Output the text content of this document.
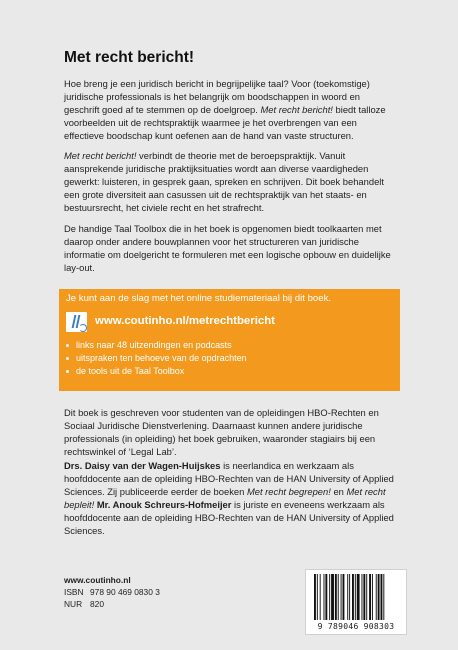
Met recht bericht!

Hoe breng je een juridisch bericht in begrijpelijke taal? Voor (toekomstige) juridische professionals is het belangrijk om boodschappen in woord en geschrift goed af te stemmen op de doelgroep. Met recht bericht! biedt talloze voorbeelden uit de rechtspraktijk waarmee je het overbrengen van een effectieve boodschap kunt oefenen aan de hand van vaste structuren.

Met recht bericht! verbindt de theorie met de beroepspraktijk. Vanuit aansprekende juridische praktijksituaties wordt aan diverse vaardigheden gewerkt: luisteren, in gesprek gaan, spreken en schrijven. Dit boek behandelt een grote diversiteit aan casussen uit de rechtspraktijk van het staats- en bestuursrecht, het civiele recht en het strafrecht.

De handige Taal Toolbox die in het boek is opgenomen biedt toolkaarten met daarop onder andere bouwplannen voor het structureren van juridische informatie om doelgericht te formuleren met een logische opbouw en duidelijke lay-out.

Je kunt aan de slag met het online studiemateriaal bij dit boek.
www.coutinho.nl/metrechtbericht
links naar 48 uitzendingen en podcasts
uitspraken ten behoeve van de opdrachten
de tools uit de Taal Toolbox

Dit boek is geschreven voor studenten van de opleidingen HBO-Rechten en Sociaal Juridische Dienstverlening. Daarnaast kunnen andere juridische professionals (in opleiding) het boek gebruiken, waaronder stagiairs bij een rechtswinkel of ‘Legal Lab’.

Drs. Daisy van der Wagen-Huijskes is neerlandica en werkzaam als hoofddocente aan de opleiding HBO-Rechten van de HAN University of Applied Sciences. Zij publiceerde eerder de boeken Met recht begrepen! en Met recht bepleit! Mr. Anouk Schreurs-Hofmeijer is juriste en eveneens werkzaam als hoofddocente aan de opleiding HBO-Rechten van de HAN University of Applied Sciences.

www.coutinho.nl
ISBN 978 90 469 0830 3
NUR 820
9 789046 908303
